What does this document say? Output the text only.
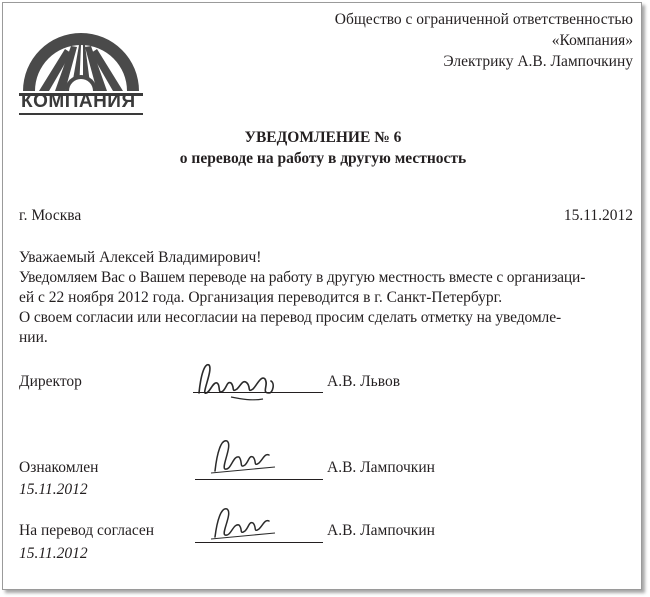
КОМПАНИЯ
Общество с ограниченной ответственностью
«Компания»
Электрику А.В. Лампочкину
УВЕДОМЛЕНИЕ № 6
о переводе на работу в другую местность
г. Москва	15.11.2012
Уважаемый Алексей Владимирович!
Уведомляем Вас о Вашем переводе на работу в другую местность вместе с организаци-
ей с 22 ноября 2012 года. Организация переводится в г. Санкт-Петербург.
О своем согласии или несогласии на перевод просим сделать отметку на уведомле-
нии.
Директор	А.В. Львов
Ознакомлен	А.В. Лампочкин
15.11.2012
На перевод согласен	А.В. Лампочкин
15.11.2012
